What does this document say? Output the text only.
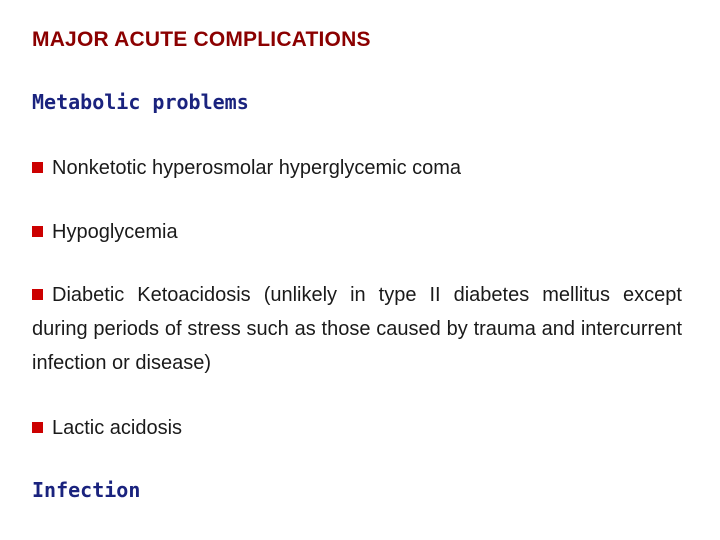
MAJOR ACUTE COMPLICATIONS
Metabolic problems

Nonketotic hyperosmolar hyperglycemic coma

Hypoglycemia

Diabetic Ketoacidosis (unlikely in type II diabetes mellitus except during periods of stress such as those caused by trauma and intercurrent infection or disease)

Lactic acidosis

Infection
